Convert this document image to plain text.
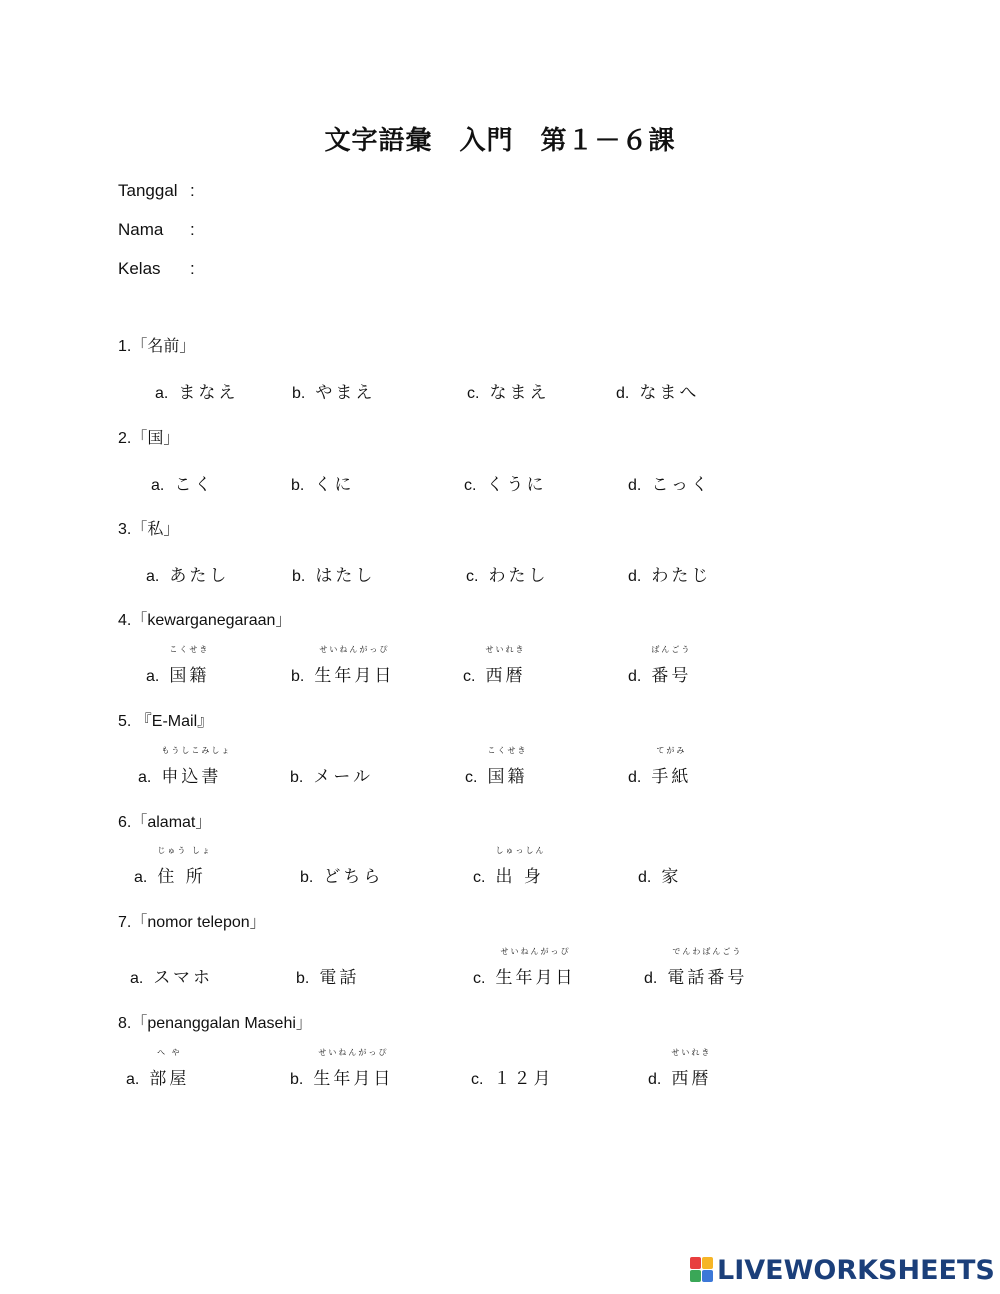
文字語彙　入門　第１－６課
Tanggal :
Nama :
Kelas :
1.「名前」
a. まなえ	b. やまえ	c. なまえ	d. なまへ
2.「国」
a. こく	b. くに	c. くうに	d. こっく
3.「私」
a. あたし	b. はたし	c. わたし	d. わたじ
4.「kewarganegaraan」
a.
こくせき
国籍	b.
せいねんがっぴ
生年月日	c.
せいれき
西暦	d.
ばんごう
番号
5. 『E-Mail』
a.
もうしこみしょ
申込書	b. メール	c.
こくせき
国籍	d.
てがみ
手紙
6.「alamat」
a.
じゅう しょ
住 所	b. どちら	c.
しゅっしん
出 身	d. 家
7.「nomor telepon」
a. スマホ	b. 電話	c.
せいねんがっぴ
生年月日	d.
でんわばんごう
電話番号
8.「penanggalan Masehi」
a.
へ や
部屋	b.
せいねんがっぴ
生年月日	c. １２月	d.
せいれき
西暦
LIVEWORKSHEETS
